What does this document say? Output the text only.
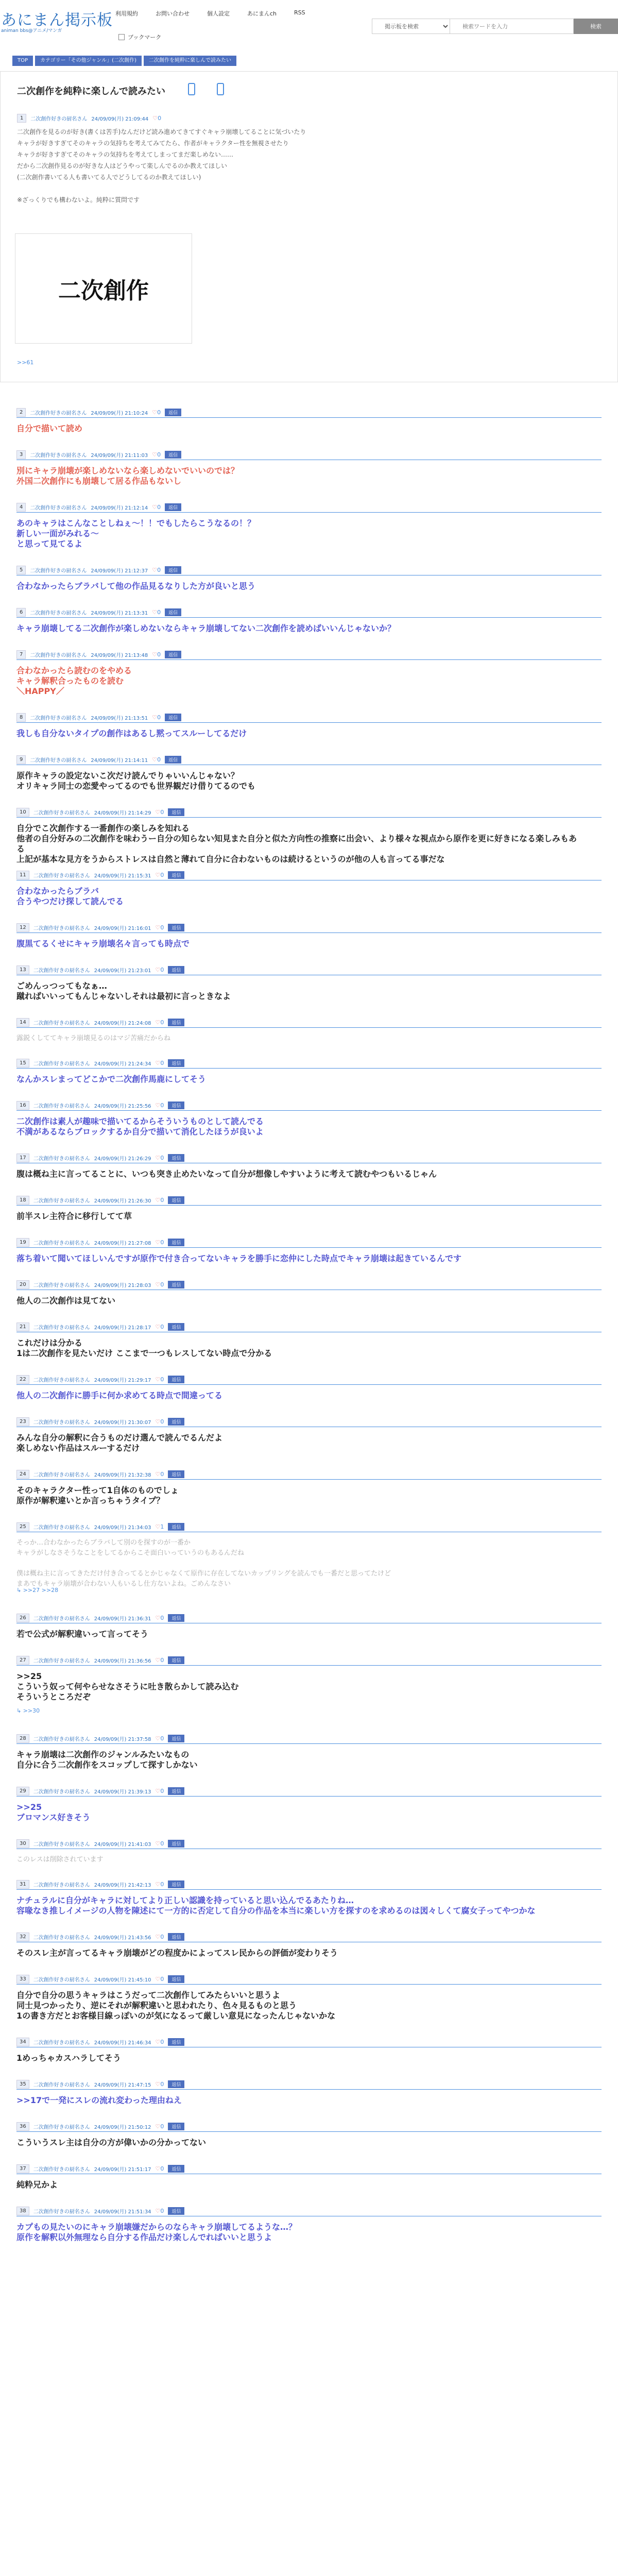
あにまん掲示板
animan bbs@アニメ/マンガ
利用規約	お問い合わせ	個人設定	あにまんch	RSS
ブックマーク
掲示板を検索
検索ワードを入力
検索
TOP	カテゴリー「その他ジャンル」(二次創作)	二次創作を純粋に楽しんで読みたい
二次創作を純粋に楽しんで読みたい
1	二次創作好きの厨名さん 24/09/09(月) 21:09:44 ♡0
二次創作を見るのが好き(書くは苦手)なんだけど読み進めてきてすぐキャラ崩壊してることに気づいたり
キャラが好きすぎてそのキャラの気持ちを考えてみてたら、作者がキャラクター性を無視させたり
キャラが好きすぎてそのキャラの気持ちを考えてしまってまだ楽しめない……
だから二次創作見るのが好きな人はどうやって楽しんでるのか教えてほしい
(二次創作書いてる人も書いてる人でどうしてるのか教えてほしい)

※ざっくりでも構わないよ。純粋に質問です
二次創作
>>61
2	二次創作好きの厨名さん 24/09/09(月) 21:10:24 ♡0	返信
自分で描いて読め
3	二次創作好きの厨名さん 24/09/09(月) 21:11:03 ♡0	返信
別にキャラ崩壊が楽しめないなら楽しめないでいいのでは？
外国二次創作にも崩壊して居る作品もないし
4	二次創作好きの厨名さん 24/09/09(月) 21:12:14 ♡0	返信
あのキャラはこんなことしねぇ～！！でもしたらこうなるの！？
新しい一面がみれる～
と思って見てるよ
5	二次創作好きの厨名さん 24/09/09(月) 21:12:37 ♡0	返信
合わなかったらブラバして他の作品見るなりした方が良いと思う
6	二次創作好きの厨名さん 24/09/09(月) 21:13:31 ♡0	返信
キャラ崩壊してる二次創作が楽しめないならキャラ崩壊してない二次創作を読めばいいんじゃないか？
7	二次創作好きの厨名さん 24/09/09(月) 21:13:48 ♡0	返信
合わなかったら読むのをやめる
キャラ解釈合ったものを読む
＼HAPPY／
8	二次創作好きの厨名さん 24/09/09(月) 21:13:51 ♡0	返信
我しも自分ないタイプの創作はあるし黙ってスルーしてるだけ
9	二次創作好きの厨名さん 24/09/09(月) 21:14:11 ♡0	返信
原作キャラの設定ないこ次だけ読んでりゃいいんじゃない？
オリキャラ同士の恋愛やってるのでも世界観だけ借りてるのでも
10	二次創作好きの厨名さん 24/09/09(月) 21:14:29 ♡0	返信
自分でこ次創作する一番創作の楽しみを知れる
他者の自分好みの二次創作を味わうー自分の知らない知見また自分と似た方向性の推察に出会い、より様々な視点から原作を更に好きになる楽しみもある
上記が基本な見方をうからストレスは自然と薄れて自分に合わないものは続けるというのが他の人も言ってる事だな
11	二次創作好きの厨名さん 24/09/09(月) 21:15:31 ♡0	返信
合わなかったらブラバ
合うやつだけ探して読んでる
12	二次創作好きの厨名さん 24/09/09(月) 21:16:01 ♡0	返信
腹黒てるくせにキャラ崩壊名々言っても時点で
13	二次創作好きの厨名さん 24/09/09(月) 21:23:01 ♡0	返信
ごめんっつってもなぁ…
蹴ればいいってもんじゃないしそれは最初に言っときなよ
14	二次創作好きの厨名さん 24/09/09(月) 21:24:08 ♡0	返信
露鋭くしててキャラ崩壊見るのはマジ苦痛だからね
15	二次創作好きの厨名さん 24/09/09(月) 21:24:34 ♡0	返信
なんかスレまってどこかで二次創作馬鹿にしてそう
16	二次創作好きの厨名さん 24/09/09(月) 21:25:56 ♡0	返信
二次創作は素人が趣味で描いてるからそういうものとして読んでる
不満があるならブロックするか自分で描いて消化したほうが良いよ
17	二次創作好きの厨名さん 24/09/09(月) 21:26:29 ♡0	返信
腹は概ね主に言ってることに、いつも突き止めたいなって自分が想像しやすいように考えて読むやつもいるじゃん
18	二次創作好きの厨名さん 24/09/09(月) 21:26:30 ♡0	返信
前半スレ主符合に移行してて草
19	二次創作好きの厨名さん 24/09/09(月) 21:27:08 ♡0	返信
落ち着いて聞いてほしいんですが原作で付き合ってないキャラを勝手に恋仲にした時点でキャラ崩壊は起きているんです
20	二次創作好きの厨名さん 24/09/09(月) 21:28:03 ♡0	返信
他人の二次創作は見てない
21	二次創作好きの厨名さん 24/09/09(月) 21:28:17 ♡0	返信
これだけは分かる
1は二次創作を見たいだけ ここまで一つもレスしてない時点で分かる
22	二次創作好きの厨名さん 24/09/09(月) 21:29:17 ♡0	返信
他人の二次創作に勝手に何か求めてる時点で間違ってる
23	二次創作好きの厨名さん 24/09/09(月) 21:30:07 ♡0	返信
みんな自分の解釈に合うものだけ選んで読んでるんだよ
楽しめない作品はスルーするだけ
24	二次創作好きの厨名さん 24/09/09(月) 21:32:38 ♡0	返信
そのキャラクター性って1自体のものでしょ
原作が解釈違いとか言っちゃうタイプ？
25	二次創作好きの厨名さん 24/09/09(月) 21:34:03 ♡1	返信
そっか…合わなかったらブラバして別のを探すのが一番か
キャラがしなさそうなことをしてるからこそ面白いっていうのもあるんだね

僕は概ね主に言ってきただけ付き合ってるとかじゃなくて原作に存在してないカップリングを読んでも一番だと思ってたけど
まあでもキャラ崩壊が合わない人もいるし仕方ないよね。ごめんなさい
↳ >>27 >>28
26	二次創作好きの厨名さん 24/09/09(月) 21:36:31 ♡0	返信
若で公式が解釈違いって言ってそう
27	二次創作好きの厨名さん 24/09/09(月) 21:36:56 ♡0	返信
>>25
こういう奴って何やらせなさそうに吐き散らかして読み込む
そういうところだぞ
↳ >>30
28	二次創作好きの厨名さん 24/09/09(月) 21:37:58 ♡0	返信
キャラ崩壊は二次創作のジャンルみたいなもの
自分に合う二次創作をスコップして探すしかない
29	二次創作好きの厨名さん 24/09/09(月) 21:39:13 ♡0	返信
>>25
ブロマンス好きそう
30	二次創作好きの厨名さん 24/09/09(月) 21:41:03 ♡0	返信
このレスは削除されています
31	二次創作好きの厨名さん 24/09/09(月) 21:42:13 ♡0	返信
ナチュラルに自分がキャラに対してより正しい認識を持っていると思い込んでるあたりね…
容喙なき推しイメージの人物を陳述にて一方的に否定して自分の作品を本当に楽しい方を探すのを求めるのは図々しくて腐女子ってやつかな
32	二次創作好きの厨名さん 24/09/09(月) 21:43:56 ♡0	返信
そのスレ主が言ってるキャラ崩壊がどの程度かによってスレ民からの評価が変わりそう
33	二次創作好きの厨名さん 24/09/09(月) 21:45:10 ♡0	返信
自分で自分の思うキャラはこうだって二次創作してみたらいいと思うよ
同士見つかったり、逆にそれが解釈違いと思われたり、色々見るものと思う
1の書き方だとお客様目線っぽいのが気になるって厳しい意見になったんじゃないかな
34	二次創作好きの厨名さん 24/09/09(月) 21:46:34 ♡0	返信
1めっちゃカスハラしてそう
35	二次創作好きの厨名さん 24/09/09(月) 21:47:15 ♡0	返信
>>17で一発にスレの流れ変わった理由ねえ
36	二次創作好きの厨名さん 24/09/09(月) 21:50:12 ♡0	返信
こういうスレ主は自分の方が偉いかの分かってない
37	二次創作好きの厨名さん 24/09/09(月) 21:51:17 ♡0	返信
純粋兄かよ
38	二次創作好きの厨名さん 24/09/09(月) 21:51:34 ♡0	返信
カプもの見たいのにキャラ崩壊嫌だからのならキャラ崩壊してるような…？
原作を解釈以外無理なら自分する作品だけ楽しんでればいいと思うよ
